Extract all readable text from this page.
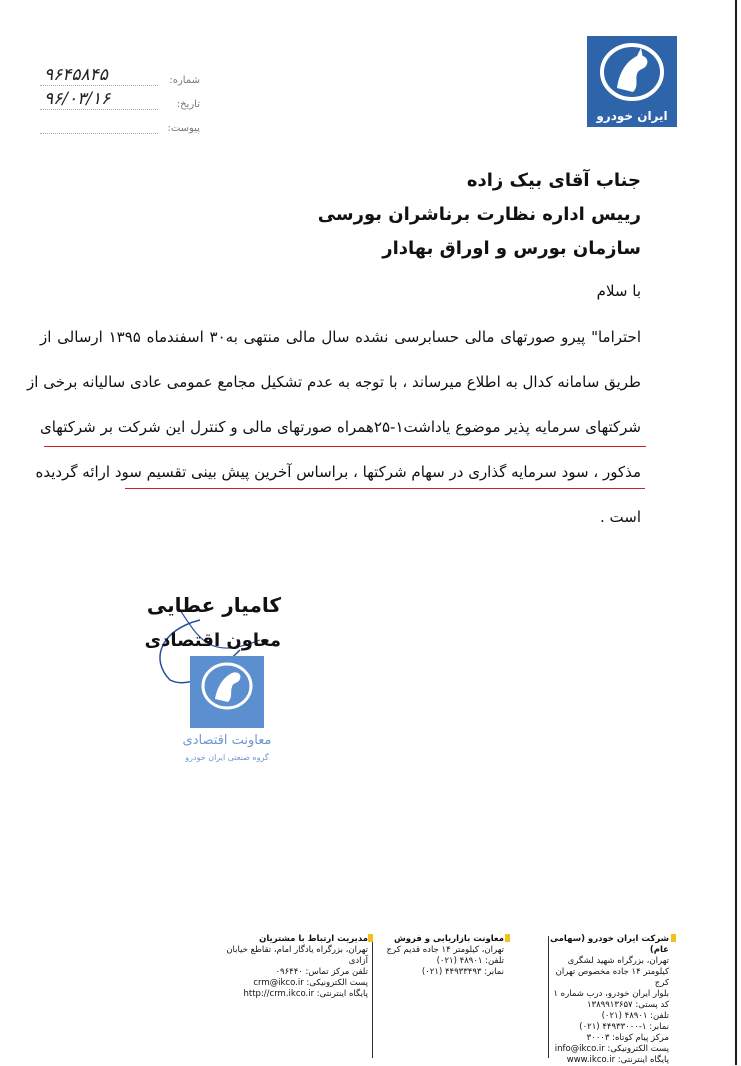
شماره:
۹۶۴۵۸۴۵
تاریخ:
۹۶/۰۳/۱۶
پیوست:
ایران خودرو
جناب آقای بیک زاده
رییس اداره نظارت برناشران بورسی
سازمان بورس و اوراق بهادار
با سلام
احتراما" پیرو صورتهای مالی حسابرسی نشده سال مالی منتهی به۳۰ اسفندماه ۱۳۹۵ ارسالی از
طریق سامانه کدال به اطلاع میرساند ، با توجه به عدم تشکیل مجامع عمومی عادی سالیانه برخی از
شرکتهای سرمایه پذیر موضوع یاداشت۱-۲۵همراه صورتهای مالی و کنترل این شرکت بر شرکتهای
مذکور ، سود سرمایه گذاری در سهام شرکتها ، براساس آخرین پیش بینی تقسیم سود ارائه گردیده
است .
کامیار عطایی
معاون اقتصادی
معاونت اقتصادی
گروه صنعتی ایران خودرو
شرکت ایران خودرو (سهامی عام)
تهران، بزرگراه شهید لشگری
کیلومتر ۱۴ جاده مخصوص تهران کرج
بلوار ایران خودرو، درب شماره ۱
کد پستی: ۱۳۸۹۹۱۳۶۵۷
تلفن: ۴۸۹۰۱ (۰۲۱)
نمابر: ۱-۴۴۹۳۳۰۰۰ (۰۲۱)
مرکز پیام کوتاه: ۳۰۰۰۳
پست الکترونیکی: info@ikco.ir
پایگاه اینترنتی: www.ikco.ir
معاونت بازاریابی و فروش
تهران، کیلومتر ۱۴ جاده قدیم کرج
تلفن: ۴۸۹۰۱ (۰۲۱)
نمابر: ۴۴۹۳۳۴۹۳ (۰۲۱)
مدیریت ارتباط با مشتریان
تهران، بزرگراه یادگار امام، تقاطع خیابان آزادی
تلفن مرکز تماس: ۰۹۶۴۴۰
پست الکترونیکی: crm@ikco.ir
پایگاه اینترنتی: http://crm.ikco.ir
